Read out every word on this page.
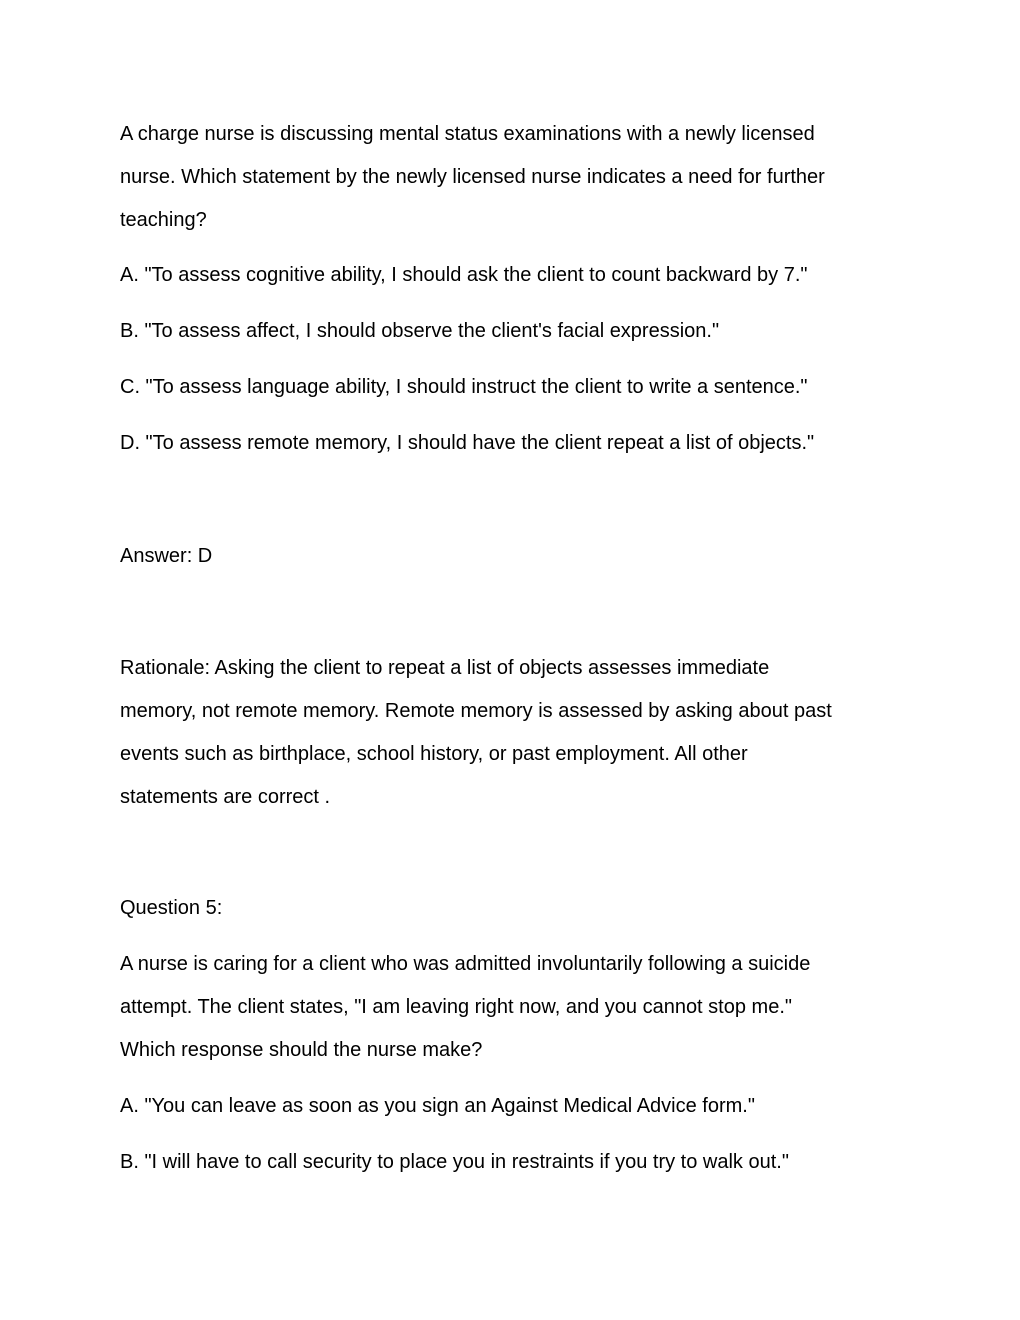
A charge nurse is discussing mental status examinations with a newly licensed
nurse. Which statement by the newly licensed nurse indicates a need for further
teaching?

A. "To assess cognitive ability, I should ask the client to count backward by 7."

B. "To assess affect, I should observe the client's facial expression."

C. "To assess language ability, I should instruct the client to write a sentence."

D. "To assess remote memory, I should have the client repeat a list of objects."

Answer: D

Rationale: Asking the client to repeat a list of objects assesses immediate
memory, not remote memory. Remote memory is assessed by asking about past
events such as birthplace, school history, or past employment. All other
statements are correct .

Question 5:

A nurse is caring for a client who was admitted involuntarily following a suicide
attempt. The client states, "I am leaving right now, and you cannot stop me."
Which response should the nurse make?

A. "You can leave as soon as you sign an Against Medical Advice form."

B. "I will have to call security to place you in restraints if you try to walk out."
